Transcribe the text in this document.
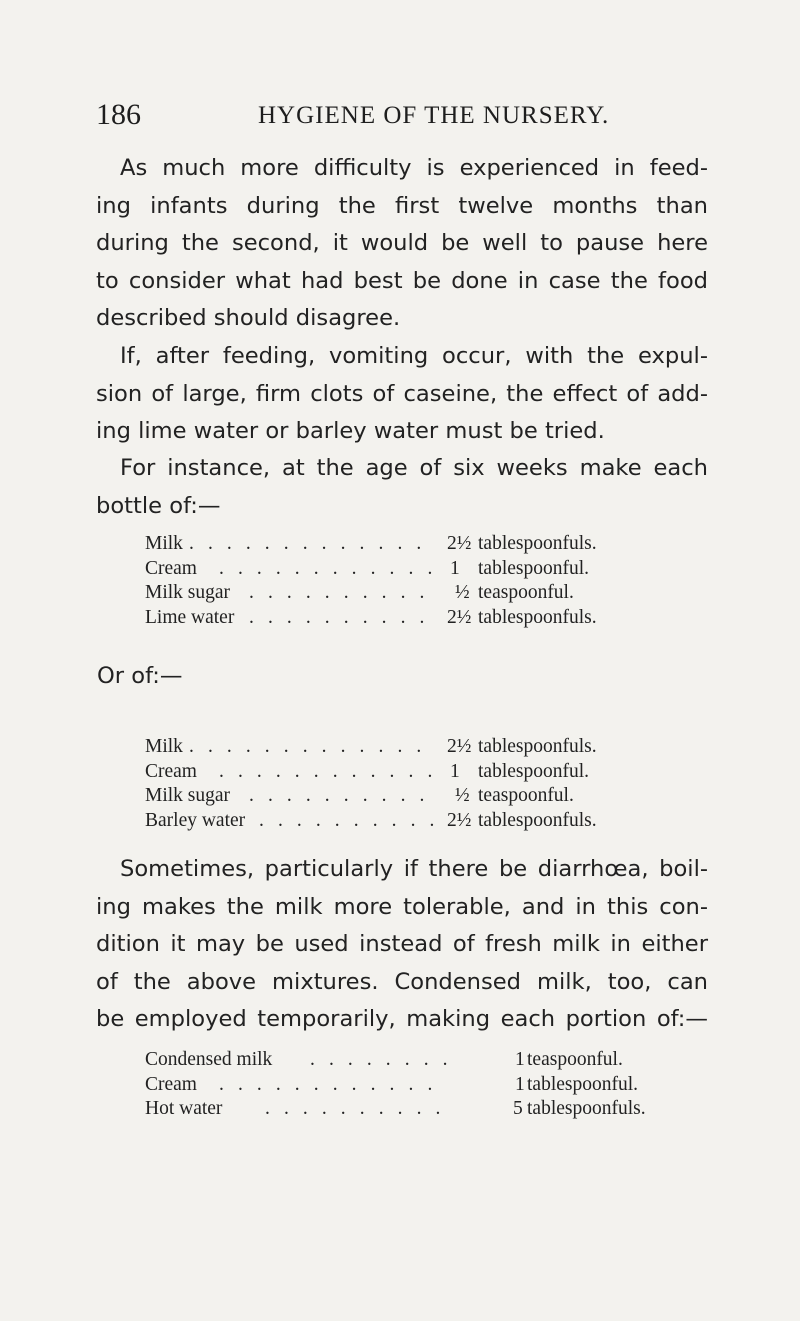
186	HYGIENE OF THE NURSERY.
As much more difficulty is experienced in feed-
ing infants during the first twelve months than
during the second, it would be well to pause here
to consider what had best be done in case the food
described should disagree.
If, after feeding, vomiting occur, with the expul-
sion of large, firm clots of caseine, the effect of add-
ing lime water or barley water must be tried.
For instance, at the age of six weeks make each
bottle of:—
Milk . . . . . . . . . . . . . 2½ tablespoonfuls.
Cream . . . . . . . . . . . . 1 tablespoonful.
Milk sugar . . . . . . . . . . ½ teaspoonful.
Lime water . . . . . . . . . . 2½ tablespoonfuls.
Or of:—
Milk . . . . . . . . . . . . . 2½ tablespoonfuls.
Cream . . . . . . . . . . . . 1 tablespoonful.
Milk sugar . . . . . . . . . . ½ teaspoonful.
Barley water . . . . . . . . . . 2½ tablespoonfuls.
Sometimes, particularly if there be diarrhœa, boil-
ing makes the milk more tolerable, and in this con-
dition it may be used instead of fresh milk in either
of the above mixtures. Condensed milk, too, can
be employed temporarily, making each portion of:—
Condensed milk . . . . . . . .	1 teaspoonful.
Cream . . . . . . . . . . . .	1 tablespoonful.
Hot water . . . . . . . . . .	5 tablespoonfuls.
